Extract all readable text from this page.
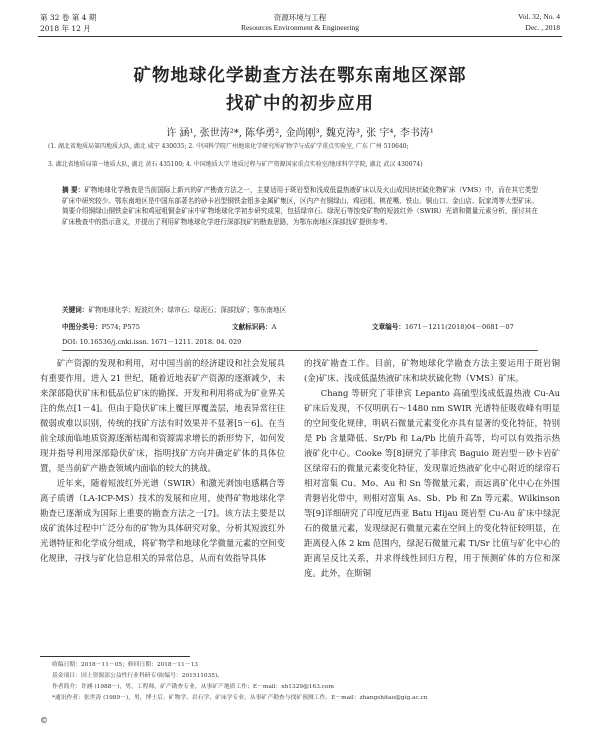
第 32 卷 第 4 期
2018 年 12 月
资源环境与工程
Resources Environment & Engineering
Vol. 32, No. 4
Dec. , 2018
矿物地球化学勘查方法在鄂东南地区深部
找矿中的初步应用
许 涵¹, 张世涛²*, 陈华勇², 金尚刚³, 魏克涛³, 张 宇⁴, 李书涛¹
(1. 湖北省地质局第四地质大队, 湖北 咸宁 430035; 2. 中国科学院广州地球化学研究所矿物学与成矿学重点实验室, 广东 广州 510640;
3. 湖北省地质局第一地质大队, 湖北 黄石 435100; 4. 中国地质大学 地质过程与矿产资源国家重点实验室/地球科学学院, 湖北 武汉 430074)
摘 要：矿物地球化学勘查是当前国际上新兴的矿产勘查方法之一，主要适用于斑岩型和浅成低温热液矿床以及火山成因块状硫化物矿床（VMS）中，而在其它类型矿床中研究较少。鄂东南地区是中国东部著名的砂卡岩型铜铁金钼多金属矿集区，区内产有铜绿山、鸡冠咀、桃花嘴、铁山、铜山口、金山店、阮家湾等大型矿床。简要介绍铜绿山铜铁金矿床和鸡冠咀铜金矿床中矿物地球化学初步研究成果，包括绿帘石、绿泥石等蚀变矿物的短波红外（SWIR）光谱和微量元素分析，探讨其在矿床勘查中的指示意义，并提出了利用矿物地球化学进行深部找矿的勘查思路，为鄂东南地区深部找矿提供参考。
关键词：矿物地球化学；短波红外；绿帘石；绿泥石；深部找矿；鄂东南地区
中图分类号：P574; P575	文献标识码：A	文章编号：1671－1211(2018)04－0681－07
DOI: 10.16536/j.cnki.issn. 1671－1211. 2018. 04. 029

矿产资源的发现和利用，对中国当前的经济建设和社会发展具有重要作用。进入 21 世纪，随着近地表矿产资源的逐渐减少，未来深部隐伏矿床和低品位矿床的勘探、开发和利用将成为矿业界关注的焦点[1－4]。但由于隐伏矿床上覆巨厚覆盖层，地表异常往往微弱或难以识别，传统的找矿方法有时效果并不显著[5－6]。在当前全球面临地质资源逐渐枯竭和资源需求增长的新形势下，如何发现并指导利用深部隐伏矿床，指明找矿方向并确定矿体的具体位置，是当前矿产勘查领域内面临的较大的挑战。

近年来，随着短波红外光谱（SWIR）和激光剥蚀电感耦合等离子质谱（LA-ICP-MS）技术的发展和应用，使得矿物地球化学勘查已逐渐成为国际上重要的勘查方法之一[7]。该方法主要是以成矿流体过程中广泛分布的矿物为具体研究对象，分析其短波红外光谱特征和化学成分组成，将矿物学和地球化学微量元素的空间变化规律，寻找与矿化信息相关的异常信息，从而有效指导具体

的找矿勘查工作。目前，矿物地球化学勘查方法主要运用于斑岩铜(金)矿床、浅成低温热液矿床和块状硫化物（VMS）矿床。

Chang 等研究了菲律宾 Lepanto 高硫型浅成低温热液 Cu-Au 矿床后发现，不仅明矾石～1480 nm SWIR 光谱特征吸收峰有明显的空间变化规律，明矾石微量元素变化亦具有显著的变化特征，特别是 Pb 含量降低、Sr/Pb 和 La/Pb 比值升高等，均可以有效指示热液矿化中心。Cooke 等[8]研究了菲律宾 Baguio 斑岩型－砂卡岩矿区绿帘石的微量元素变化特征，发现靠近热液矿化中心附近的绿帘石相对富集 Cu、Mo、Au 和 Sn 等微量元素，而远离矿化中心在外围青磐岩化带中，则相对富集 As、Sb、Pb 和 Zn 等元素。Wilkinson 等[9]详细研究了印度尼西亚 Batu Hijau 斑岩型 Cu-Au 矿床中绿泥石的微量元素，发现绿泥石微量元素在空间上的变化特征较明显，在距离侵入体 2 km 范围内，绿泥石微量元素 Ti/Sr 比值与矿化中心的距离呈反比关系，并求得线性回归方程，用于预测矿体的方位和深度。此外，在斯铜

收稿日期：2018－11－05；修回日期：2018－11－13
基金项目：国土资源部公益性行业科研专项(编号：201511035)。
作者简介：许涵 (1988－)，男，工程师，矿产勘查专业，从事矿产地质工作；E－mail：xh1329@163.com
*通讯作者：张世涛 (1989－)，男，博士后，矿物学、岩石学、矿床学专业，从事矿产勘查与找矿预测工作。E－mail：zhangshitao@gig.ac.cn
©
